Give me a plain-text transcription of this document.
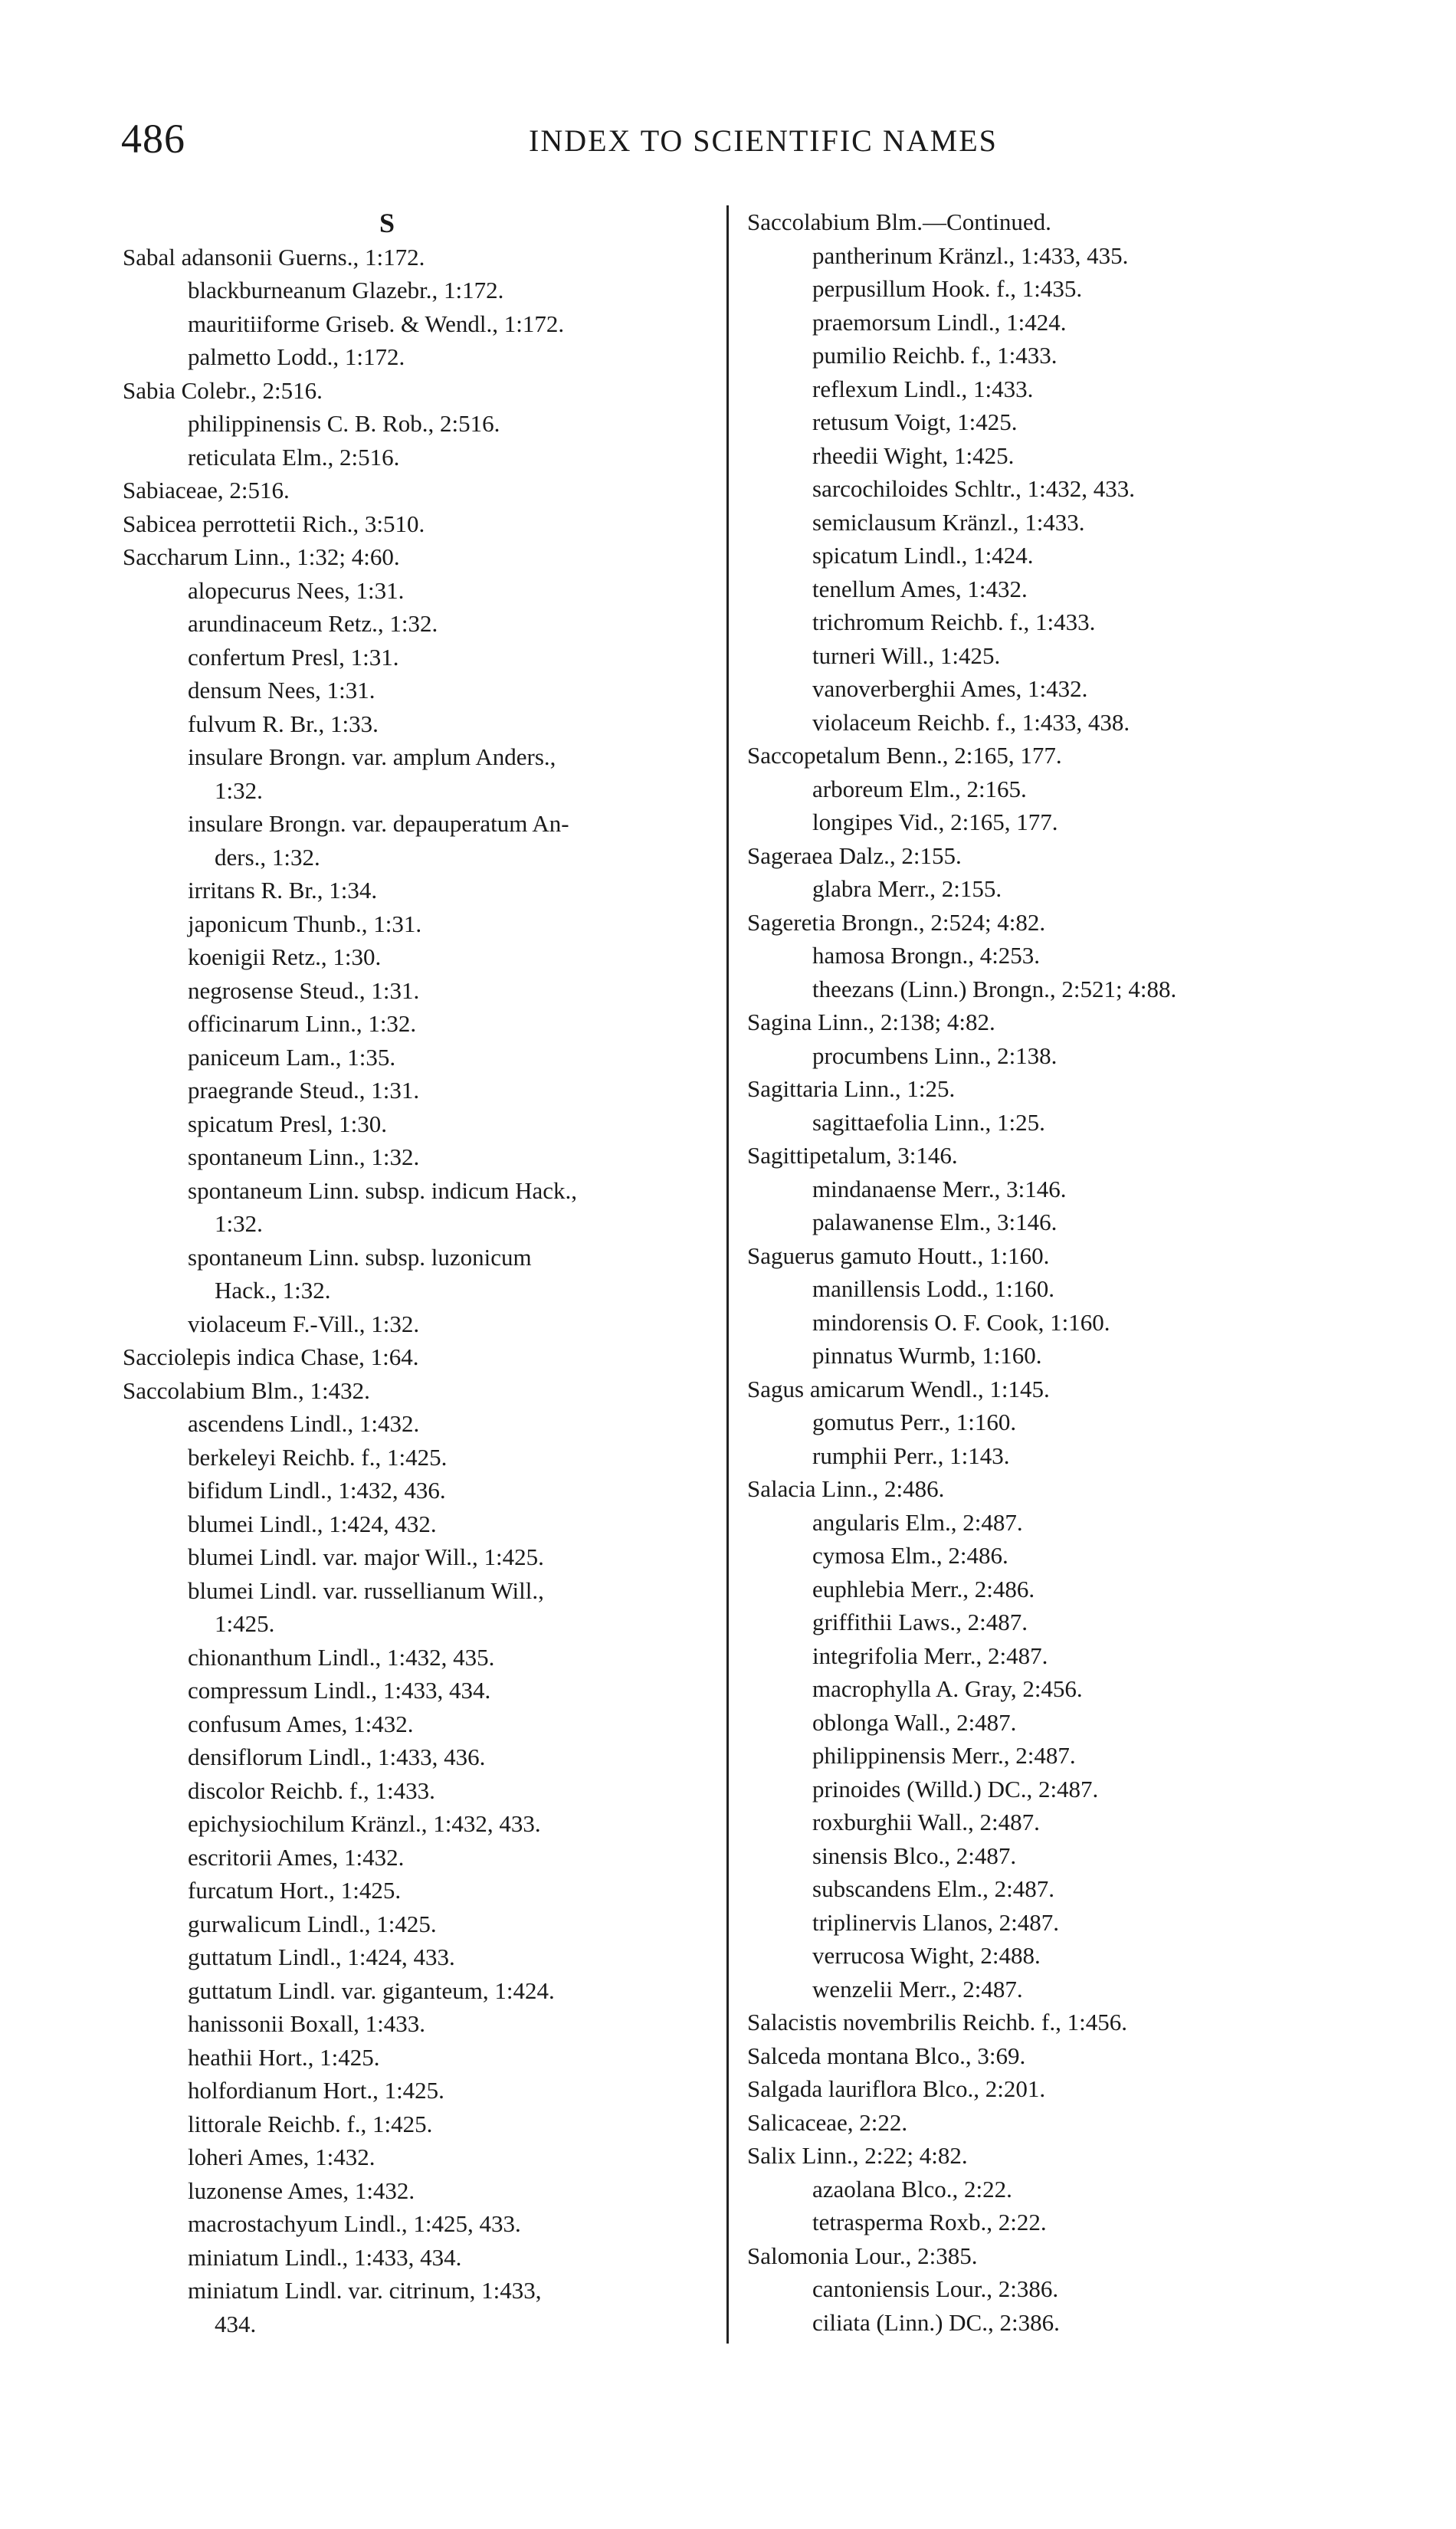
486	INDEX TO SCIENTIFIC NAMES
S
Sabal adansonii Guerns., 1:172.
blackburneanum Glazebr., 1:172.
mauritiiforme Griseb. & Wendl., 1:172.
palmetto Lodd., 1:172.
Sabia Colebr., 2:516.
philippinensis C. B. Rob., 2:516.
reticulata Elm., 2:516.
Sabiaceae, 2:516.
Sabicea perrottetii Rich., 3:510.
Saccharum Linn., 1:32; 4:60.
alopecurus Nees, 1:31.
arundinaceum Retz., 1:32.
confertum Presl, 1:31.
densum Nees, 1:31.
fulvum R. Br., 1:33.
insulare Brongn. var. amplum Anders.,
1:32.
insulare Brongn. var. depauperatum An-
ders., 1:32.
irritans R. Br., 1:34.
japonicum Thunb., 1:31.
koenigii Retz., 1:30.
negrosense Steud., 1:31.
officinarum Linn., 1:32.
paniceum Lam., 1:35.
praegrande Steud., 1:31.
spicatum Presl, 1:30.
spontaneum Linn., 1:32.
spontaneum Linn. subsp. indicum Hack.,
1:32.
spontaneum Linn. subsp. luzonicum
Hack., 1:32.
violaceum F.-Vill., 1:32.
Sacciolepis indica Chase, 1:64.
Saccolabium Blm., 1:432.
ascendens Lindl., 1:432.
berkeleyi Reichb. f., 1:425.
bifidum Lindl., 1:432, 436.
blumei Lindl., 1:424, 432.
blumei Lindl. var. major Will., 1:425.
blumei Lindl. var. russellianum Will.,
1:425.
chionanthum Lindl., 1:432, 435.
compressum Lindl., 1:433, 434.
confusum Ames, 1:432.
densiflorum Lindl., 1:433, 436.
discolor Reichb. f., 1:433.
epichysiochilum Kränzl., 1:432, 433.
escritorii Ames, 1:432.
furcatum Hort., 1:425.
gurwalicum Lindl., 1:425.
guttatum Lindl., 1:424, 433.
guttatum Lindl. var. giganteum, 1:424.
hanissonii Boxall, 1:433.
heathii Hort., 1:425.
holfordianum Hort., 1:425.
littorale Reichb. f., 1:425.
loheri Ames, 1:432.
luzonense Ames, 1:432.
macrostachyum Lindl., 1:425, 433.
miniatum Lindl., 1:433, 434.
miniatum Lindl. var. citrinum, 1:433,
434.
Saccolabium Blm.—Continued.
pantherinum Kränzl., 1:433, 435.
perpusillum Hook. f., 1:435.
praemorsum Lindl., 1:424.
pumilio Reichb. f., 1:433.
reflexum Lindl., 1:433.
retusum Voigt, 1:425.
rheedii Wight, 1:425.
sarcochiloides Schltr., 1:432, 433.
semiclausum Kränzl., 1:433.
spicatum Lindl., 1:424.
tenellum Ames, 1:432.
trichromum Reichb. f., 1:433.
turneri Will., 1:425.
vanoverberghii Ames, 1:432.
violaceum Reichb. f., 1:433, 438.
Saccopetalum Benn., 2:165, 177.
arboreum Elm., 2:165.
longipes Vid., 2:165, 177.
Sageraea Dalz., 2:155.
glabra Merr., 2:155.
Sageretia Brongn., 2:524; 4:82.
hamosa Brongn., 4:253.
theezans (Linn.) Brongn., 2:521; 4:88.
Sagina Linn., 2:138; 4:82.
procumbens Linn., 2:138.
Sagittaria Linn., 1:25.
sagittaefolia Linn., 1:25.
Sagittipetalum, 3:146.
mindanaense Merr., 3:146.
palawanense Elm., 3:146.
Saguerus gamuto Houtt., 1:160.
manillensis Lodd., 1:160.
mindorensis O. F. Cook, 1:160.
pinnatus Wurmb, 1:160.
Sagus amicarum Wendl., 1:145.
gomutus Perr., 1:160.
rumphii Perr., 1:143.
Salacia Linn., 2:486.
angularis Elm., 2:487.
cymosa Elm., 2:486.
euphlebia Merr., 2:486.
griffithii Laws., 2:487.
integrifolia Merr., 2:487.
macrophylla A. Gray, 2:456.
oblonga Wall., 2:487.
philippinensis Merr., 2:487.
prinoides (Willd.) DC., 2:487.
roxburghii Wall., 2:487.
sinensis Blco., 2:487.
subscandens Elm., 2:487.
triplinervis Llanos, 2:487.
verrucosa Wight, 2:488.
wenzelii Merr., 2:487.
Salacistis novembrilis Reichb. f., 1:456.
Salceda montana Blco., 3:69.
Salgada lauriflora Blco., 2:201.
Salicaceae, 2:22.
Salix Linn., 2:22; 4:82.
azaolana Blco., 2:22.
tetrasperma Roxb., 2:22.
Salomonia Lour., 2:385.
cantoniensis Lour., 2:386.
ciliata (Linn.) DC., 2:386.
